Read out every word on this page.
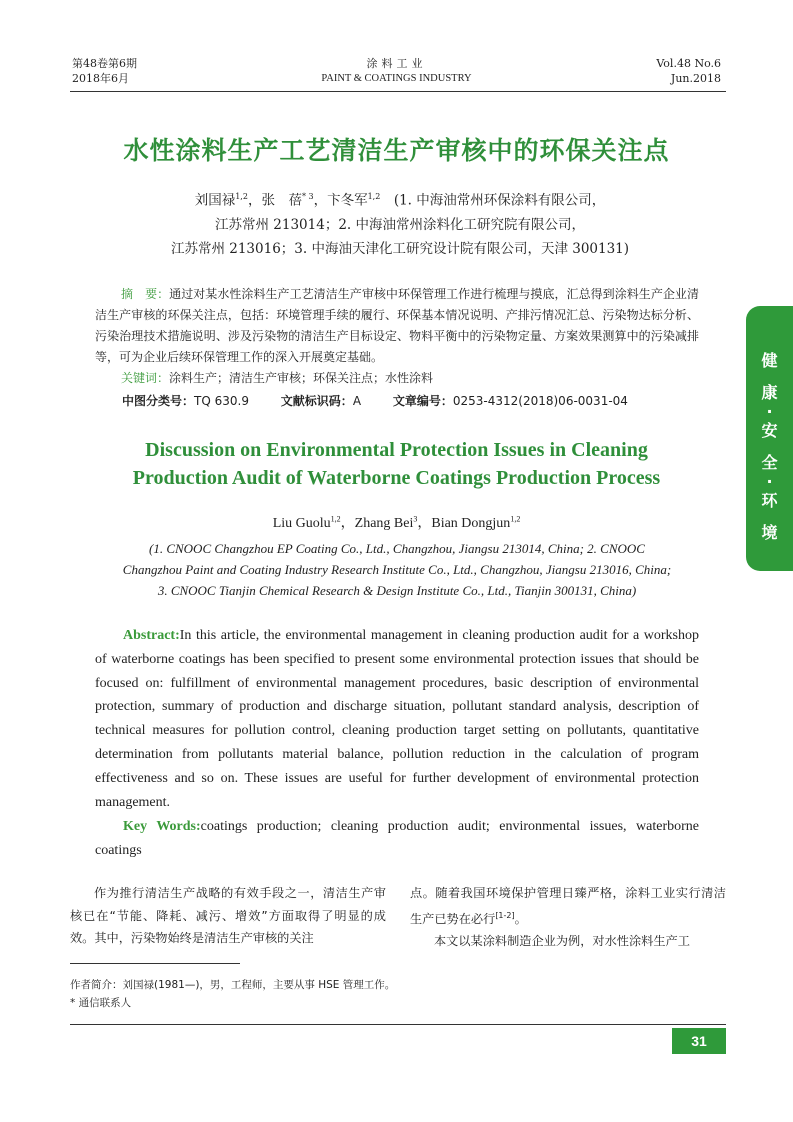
第48卷第6期
2018年6月
涂料工业
PAINT & COATINGS INDUSTRY
Vol.48 No.6
Jun.2018
水性涂料生产工艺清洁生产审核中的环保关注点
刘国禄$^{1,2}$，张　蓓$^{* 3}$，卞冬军$^{1,2}$　(1. 中海油常州环保涂料有限公司，
江苏常州 213014；2. 中海油常州涂料化工研究院有限公司，
江苏常州 213016；3. 中海油天津化工研究设计院有限公司，天津 300131)
摘　要：通过对某水性涂料生产工艺清洁生产审核中环保管理工作进行梳理与摸底，汇总得到涂料生产企业清洁生产审核的环保关注点，包括：环境管理手续的履行、环保基本情况说明、产排污情况汇总、污染物达标分析、污染治理技术措施说明、涉及污染物的清洁生产目标设定、物料平衡中的污染物定量、方案效果测算中的污染减排等，可为企业后续环保管理工作的深入开展奠定基础。
关键词：涂料生产；清洁生产审核；环保关注点；水性涂料
中图分类号：TQ 630.9	文献标识码：A	文章编号：0253-4312(2018)06-0031-04
Discussion on Environmental Protection Issues in Cleaning
Production Audit of Waterborne Coatings Production Process
Liu Guolu$^{1,2}$，Zhang Bei$^3$，Bian Dongjun$^{1,2}$
(1. CNOOC Changzhou EP Coating Co., Ltd., Changzhou, Jiangsu 213014, China; 2. CNOOC
Changzhou Paint and Coating Industry Research Institute Co., Ltd., Changzhou, Jiangsu 213016, China;
3. CNOOC Tianjin Chemical Research & Design Institute Co., Ltd., Tianjin 300131, China)
Abstract:In this article, the environmental management in cleaning production audit for a workshop of waterborne coatings has been specified to present some environmental protection issues that should be focused on: fulfillment of environmental management procedures, basic description of environmental protection, summary of production and discharge situation, pollutant standard analysis, description of technical measures for pollution control, cleaning production target setting on pollutants, quantitative determination from pollutants material balance, pollution reduction in the calculation of program effectiveness and so on. These issues are useful for further development of environmental protection management.
Key Words:coatings production; cleaning production audit; environmental issues, waterborne coatings
作为推行清洁生产战略的有效手段之一，清洁生产审核已在“节能、降耗、减污、增效”方面取得了明显的成效。其中，污染物始终是清洁生产审核的关注

点。随着我国环境保护管理日臻严格，涂料工业实行清洁生产已势在必行[1-2]。

本文以某涂料制造企业为例，对水性涂料生产工

作者简介：刘国禄(1981—)，男，工程师，主要从事 HSE 管理工作。
* 通信联系人
31
健
康
·
安
全
·
环
境
